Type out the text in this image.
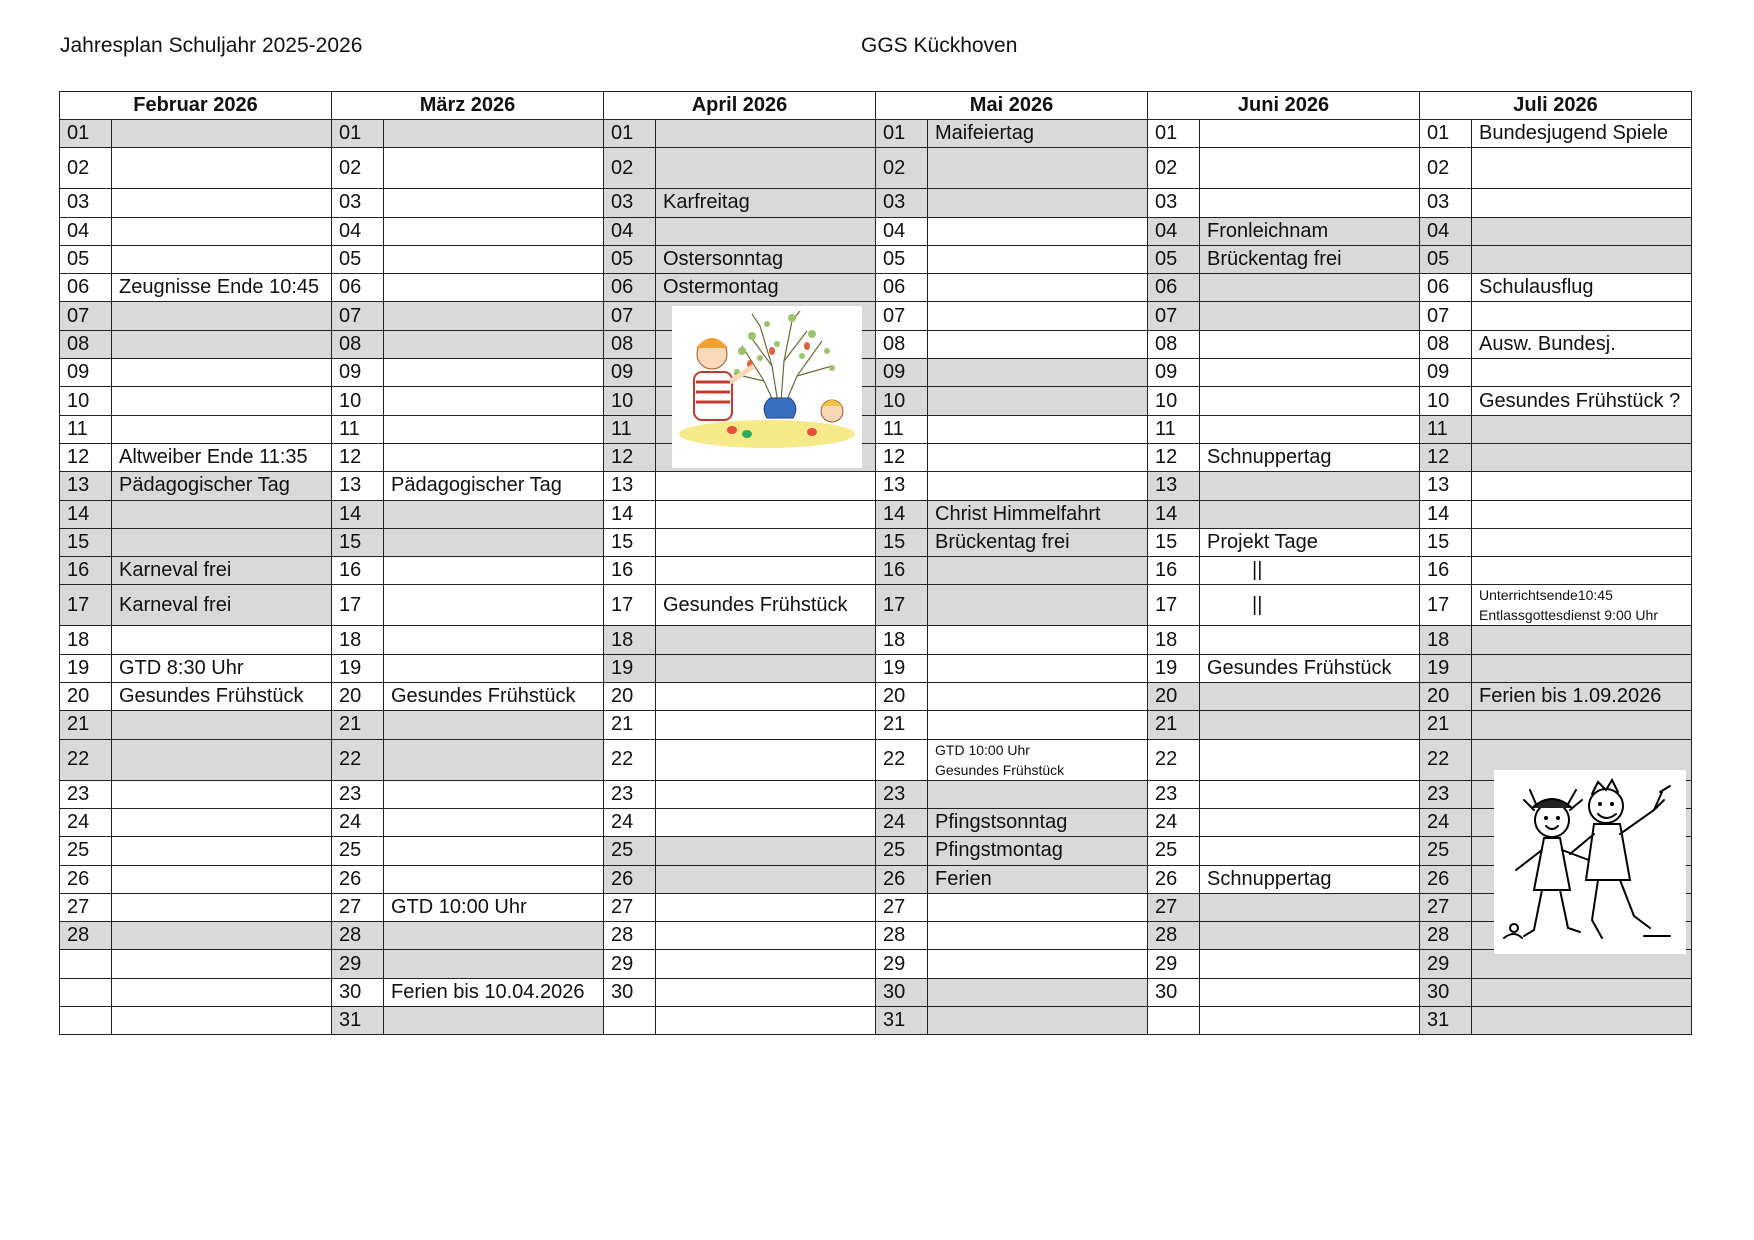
Jahresplan Schuljahr 2025-2026	GGS Kückhoven
Februar 2026		März 2026		April 2026		Mai 2026		Juni 2026		Juli 2026	
01		01		01		01	Maifeiertag	01		01	Bundesjugend Spiele
02		02		02		02		02		02	
03		03		03	Karfreitag	03		03		03	
04		04		04		04		04	Fronleichnam	04	
05		05		05	Ostersonntag	05		05	Brückentag frei	05	
06	Zeugnisse Ende 10:45	06		06	Ostermontag	06		06		06	Schulausflug
07		07		07		07		07		07	
08		08		08		08		08		08	Ausw. Bundesj.
09		09		09		09		09		09	
10		10		10		10		10		10	Gesundes Frühstück ?
11		11		11		11		11		11	
12	Altweiber Ende 11:35	12		12		12		12	Schnuppertag	12	
13	Pädagogischer Tag	13	Pädagogischer Tag	13		13		13		13	
14		14		14		14	Christ Himmelfahrt	14		14	
15		15		15		15	Brückentag frei	15	Projekt Tage	15	
16	Karneval frei	16		16		16		16	||	16	
17	Karneval frei	17		17	Gesundes Frühstück	17		17	||	17	Unterrichtsende10:45
Entlassgottesdienst 9:00 Uhr

18		18		18		18		18		18	
19	GTD 8:30 Uhr	19		19		19		19	Gesundes Frühstück	19	
20	Gesundes Frühstück	20	Gesundes Frühstück	20		20		20		20	Ferien bis 1.09.2026
21		21		21		21		21		21	
22		22		22		22	GTD 10:00 Uhr
Gesundes Frühstück	22		22	
23		23		23		23		23		23	
24		24		24		24	Pfingstsonntag	24		24	
25		25		25		25	Pfingstmontag	25		25	
26		26		26		26	Ferien	26	Schnuppertag	26	
27		27	GTD 10:00 Uhr	27		27		27		27	
28		28		28		28		28		28	
		29		29		29		29		29	
		30	Ferien bis 10.04.2026	30		30		30		30	
		31				31				31	
